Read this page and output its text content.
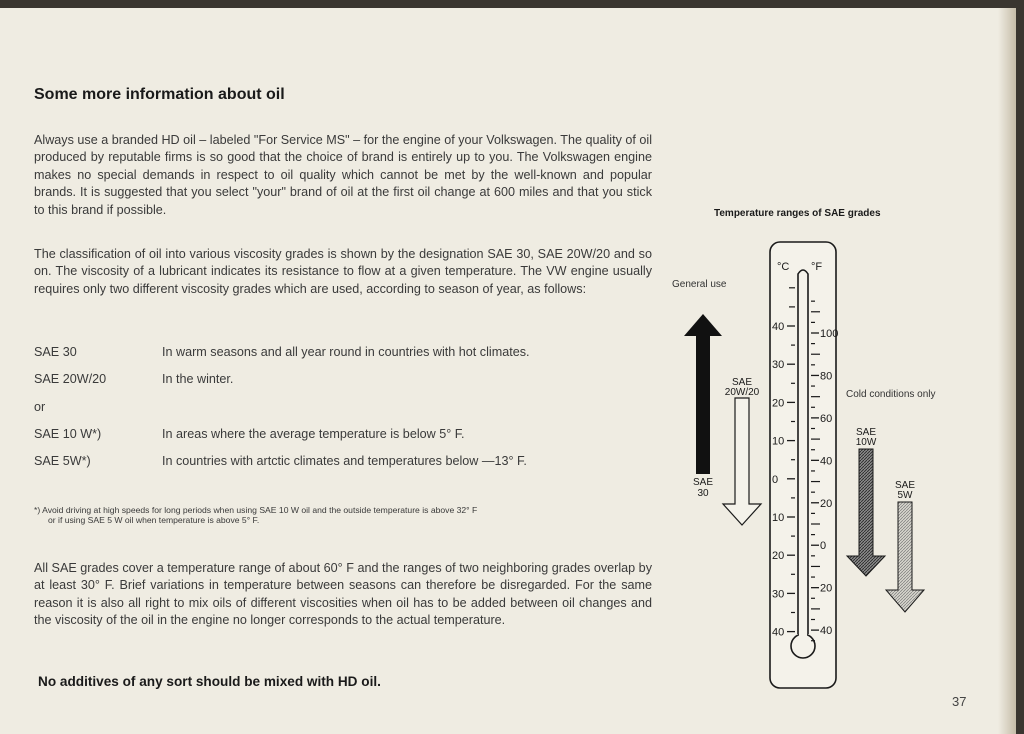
Some more information about oil
Always use a branded HD oil – labeled "For Service MS" – for the engine of your Volkswagen. The quality of oil produced by reputable firms is so good that the choice of brand is entirely up to you. The Volkswagen engine makes no special demands in respect to oil quality which cannot be met by the well-known and popular brands. It is suggested that you select "your" brand of oil at the first oil change at 600 miles and that you stick to this brand if possible.
The classification of oil into various viscosity grades is shown by the designation SAE 30, SAE 20W/20 and so on. The viscosity of a lubricant indicates its resistance to flow at a given temperature. The VW engine usually requires only two different viscosity grades which are used, according to season of year, as follows:
SAE 30	In warm seasons and all year round in countries with hot climates.
SAE 20W/20	In the winter.
or
SAE 10 W*)	In areas where the average temperature is below 5° F.
SAE 5W*)	In countries with artctic climates and temperatures below —13° F.
*) Avoid driving at high speeds for long periods when using SAE 10 W oil and the outside temperature is above 32° F
or if using SAE 5 W oil when temperature is above 5° F.
All SAE grades cover a temperature range of about 60° F and the ranges of two neighboring grades overlap by at least 30° F. Brief variations in temperature between seasons can therefore be disregarded. For the same reason it is also all right to mix oils of different viscosities when oil has to be added between oil changes and the viscosity of the oil in the engine no longer corresponds to the actual temperature.
No additives of any sort should be mixed with HD oil.
37
Temperature ranges of SAE grades
General use
Cold conditions only
°C °F
40
30
20
10
0
10
20
30
40
100
80
60
40
20
0
20
40
SAE
30
SAE
20W/20
SAE
10W
SAE
5W
